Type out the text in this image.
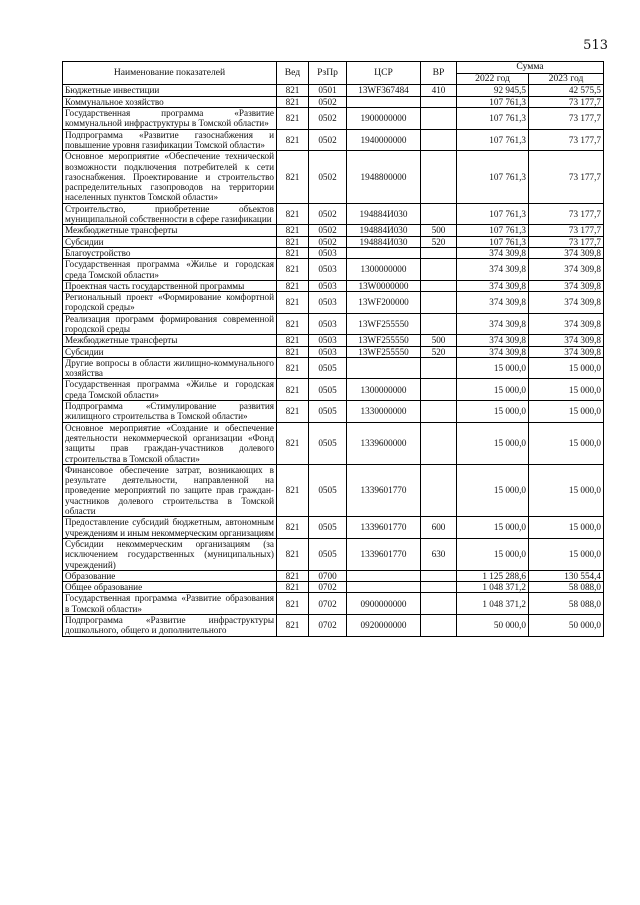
513
Наименование показателей	Вед	РзПр	ЦСР	ВР	Сумма	
					2022 год	2023 год
Бюджетные инвестиции	821	0501	13WF367484	410	92 945,5	42 575,5
Коммунальное хозяйство	821	0502			107 761,3	73 177,7
Государственная программа «Развитие коммунальной инфраструктуры в Томской области»	821	0502	1900000000		107 761,3	73 177,7
Подпрограмма «Развитие газоснабжения и повышение уровня газификации Томской области»	821	0502	1940000000		107 761,3	73 177,7
Основное мероприятие «Обеспечение технической возможности подключения потребителей к сети газоснабжения. Проектирование и строительство распределительных газопроводов на территории населенных пунктов Томской области»	821	0502	1948800000		107 761,3	73 177,7
Строительство, приобретение объектов муниципальной собственности в сфере газификации	821	0502	194884И030		107 761,3	73 177,7
Межбюджетные трансферты	821	0502	194884И030	500	107 761,3	73 177,7
Субсидии	821	0502	194884И030	520	107 761,3	73 177,7
Благоустройство	821	0503			374 309,8	374 309,8
Государственная программа «Жилье и городская среда Томской области»	821	0503	1300000000		374 309,8	374 309,8
Проектная часть государственной программы	821	0503	13W0000000		374 309,8	374 309,8
Региональный проект «Формирование комфортной городской среды»	821	0503	13WF200000		374 309,8	374 309,8
Реализация программ формирования современной городской среды	821	0503	13WF255550		374 309,8	374 309,8
Межбюджетные трансферты	821	0503	13WF255550	500	374 309,8	374 309,8
Субсидии	821	0503	13WF255550	520	374 309,8	374 309,8
Другие вопросы в области жилищно-коммунального хозяйства	821	0505			15 000,0	15 000,0
Государственная программа «Жилье и городская среда Томской области»	821	0505	1300000000		15 000,0	15 000,0
Подпрограмма «Стимулирование развития жилищного строительства в Томской области»	821	0505	1330000000		15 000,0	15 000,0
Основное мероприятие «Создание и обеспечение деятельности некоммерческой организации «Фонд защиты прав граждан-участников долевого строительства в Томской области»	821	0505	1339600000		15 000,0	15 000,0
Финансовое обеспечение затрат, возникающих в результате деятельности, направленной на проведение мероприятий по защите прав граждан-участников долевого строительства в Томской области	821	0505	1339601770		15 000,0	15 000,0
Предоставление субсидий бюджетным, автономным учреждениям и иным некоммерческим организациям	821	0505	1339601770	600	15 000,0	15 000,0
Субсидии некоммерческим организациям (за исключением государственных (муниципальных) учреждений)	821	0505	1339601770	630	15 000,0	15 000,0
Образование	821	0700			1 125 288,6	130 554,4
Общее образование	821	0702			1 048 371,2	58 088,0
Государственная программа «Развитие образования в Томской области»	821	0702	0900000000		1 048 371,2	58 088,0
Подпрограмма «Развитие инфраструктуры дошкольного, общего и дополнительного	821	0702	0920000000		50 000,0	50 000,0
